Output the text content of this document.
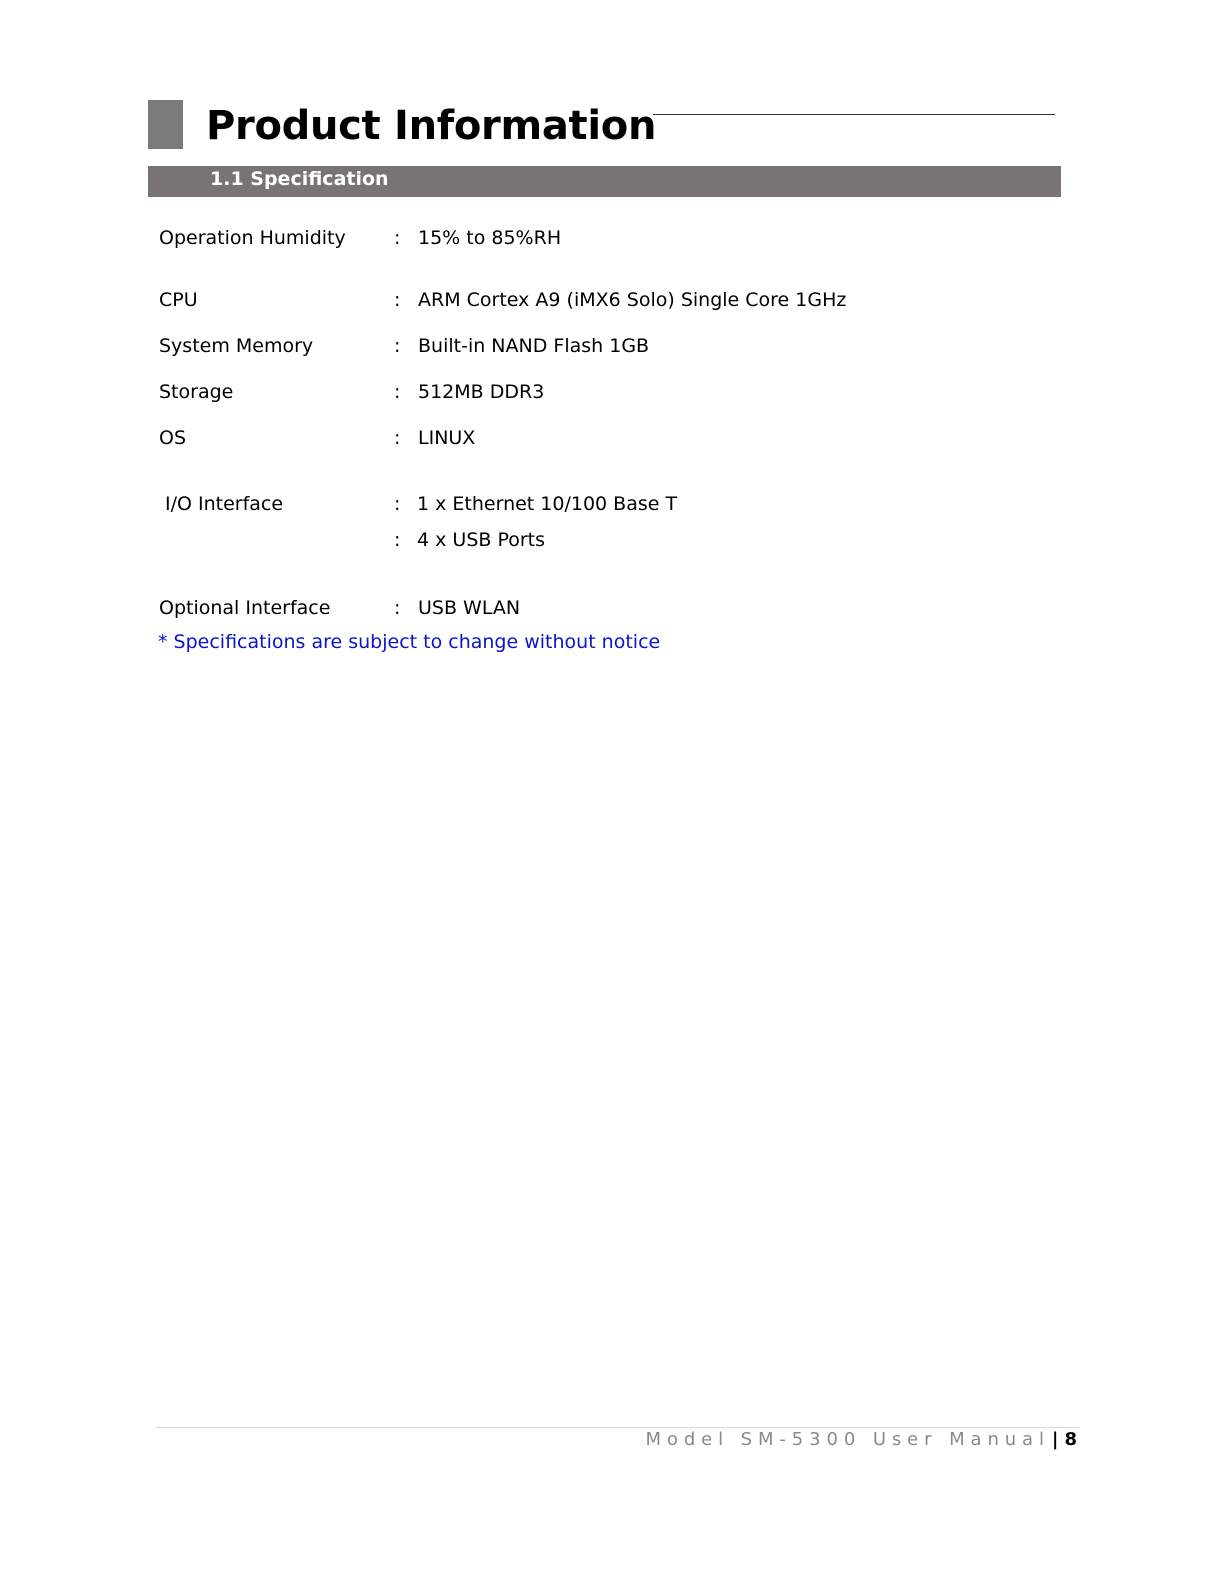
Product Information
1.1 Specification
Operation Humidity	: 15% to 85%RH
CPU	: ARM Cortex A9 (iMX6 Solo) Single Core 1GHz
System Memory	: Built-in NAND Flash 1GB
Storage	: 512MB DDR3
OS	: LINUX
I/O Interface	: 1 x Ethernet 10/100 Base T
: 4 x USB Ports
Optional Interface	: USB WLAN
* Specifications are subject to change without notice
Model SM-5300 User Manual | 8
